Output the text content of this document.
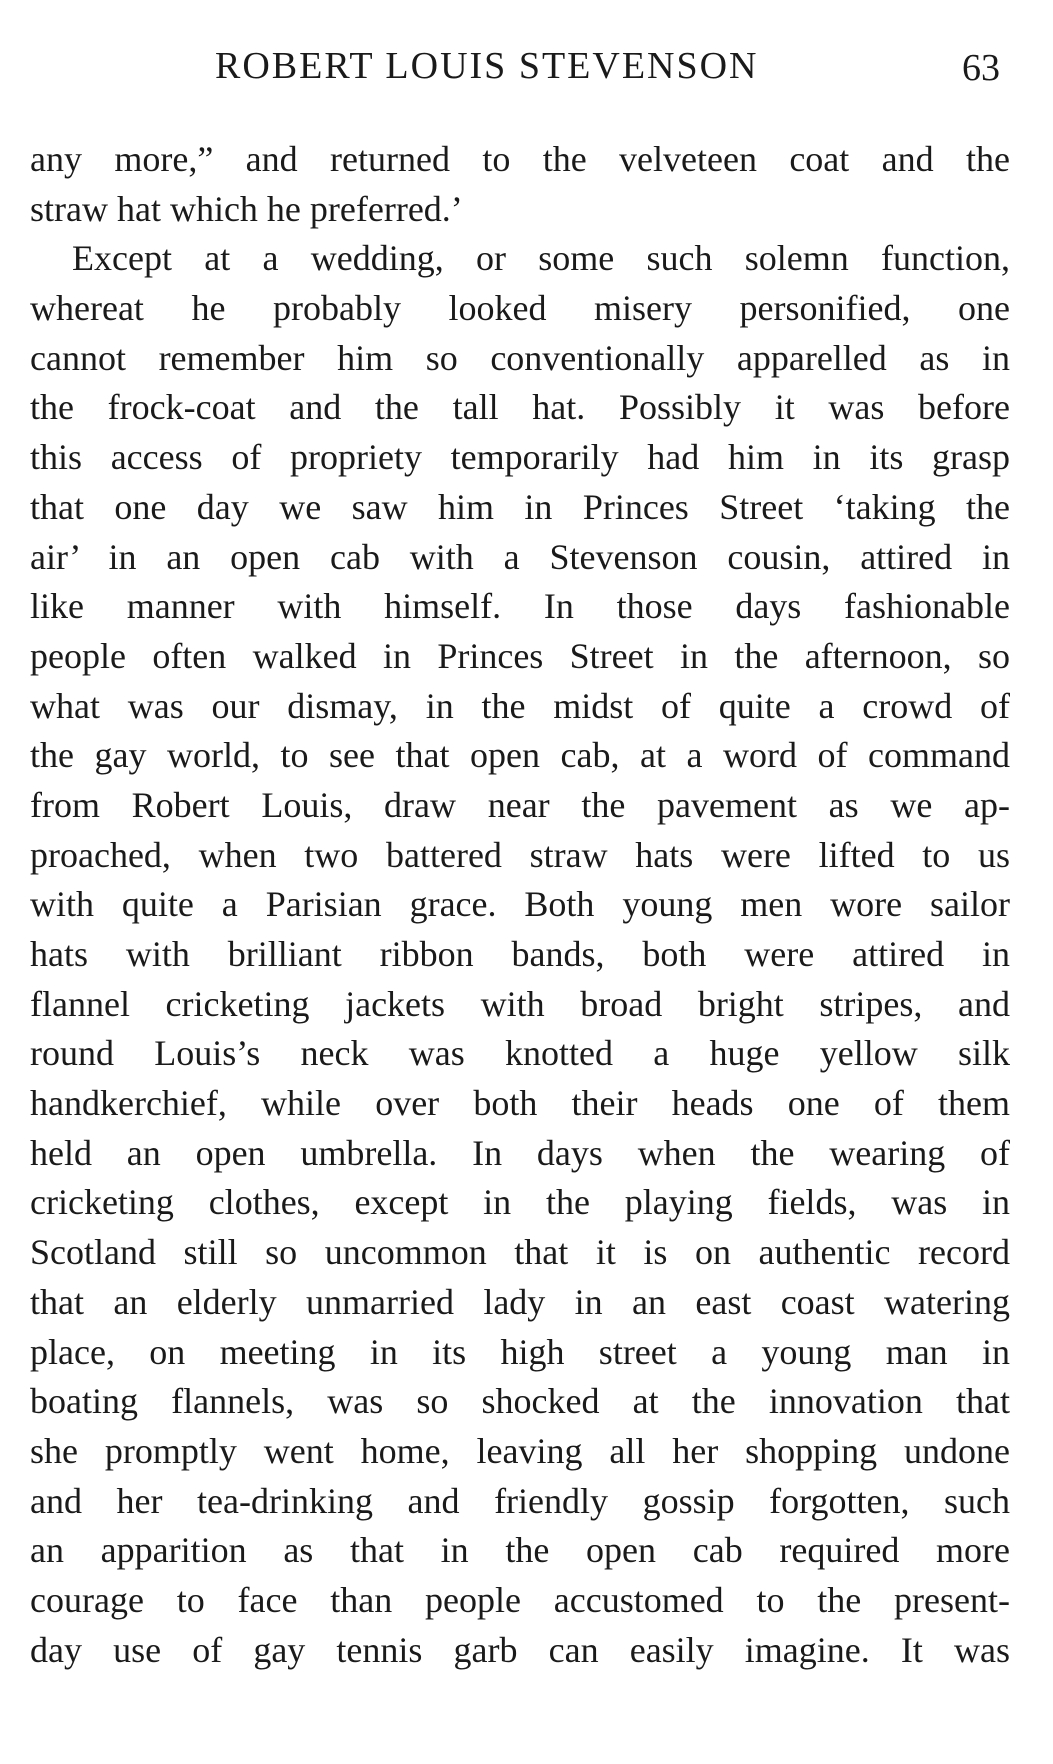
ROBERT LOUIS STEVENSON	63
any more,” and returned to the velveteen coat and the
straw hat which he preferred.’
Except at a wedding, or some such solemn function,
whereat he probably looked misery personified, one
cannot remember him so conventionally apparelled as in
the frock-coat and the tall hat. Possibly it was before
this access of propriety temporarily had him in its grasp
that one day we saw him in Princes Street ‘taking the
air’ in an open cab with a Stevenson cousin, attired in
like manner with himself. In those days fashionable
people often walked in Princes Street in the afternoon, so
what was our dismay, in the midst of quite a crowd of
the gay world, to see that open cab, at a word of command
from Robert Louis, draw near the pavement as we ap-
proached, when two battered straw hats were lifted to us
with quite a Parisian grace. Both young men wore sailor
hats with brilliant ribbon bands, both were attired in
flannel cricketing jackets with broad bright stripes, and
round Louis’s neck was knotted a huge yellow silk
handkerchief, while over both their heads one of them
held an open umbrella. In days when the wearing of
cricketing clothes, except in the playing fields, was in
Scotland still so uncommon that it is on authentic record
that an elderly unmarried lady in an east coast watering
place, on meeting in its high street a young man in
boating flannels, was so shocked at the innovation that
she promptly went home, leaving all her shopping undone
and her tea-drinking and friendly gossip forgotten, such
an apparition as that in the open cab required more
courage to face than people accustomed to the present-
day use of gay tennis garb can easily imagine. It was
